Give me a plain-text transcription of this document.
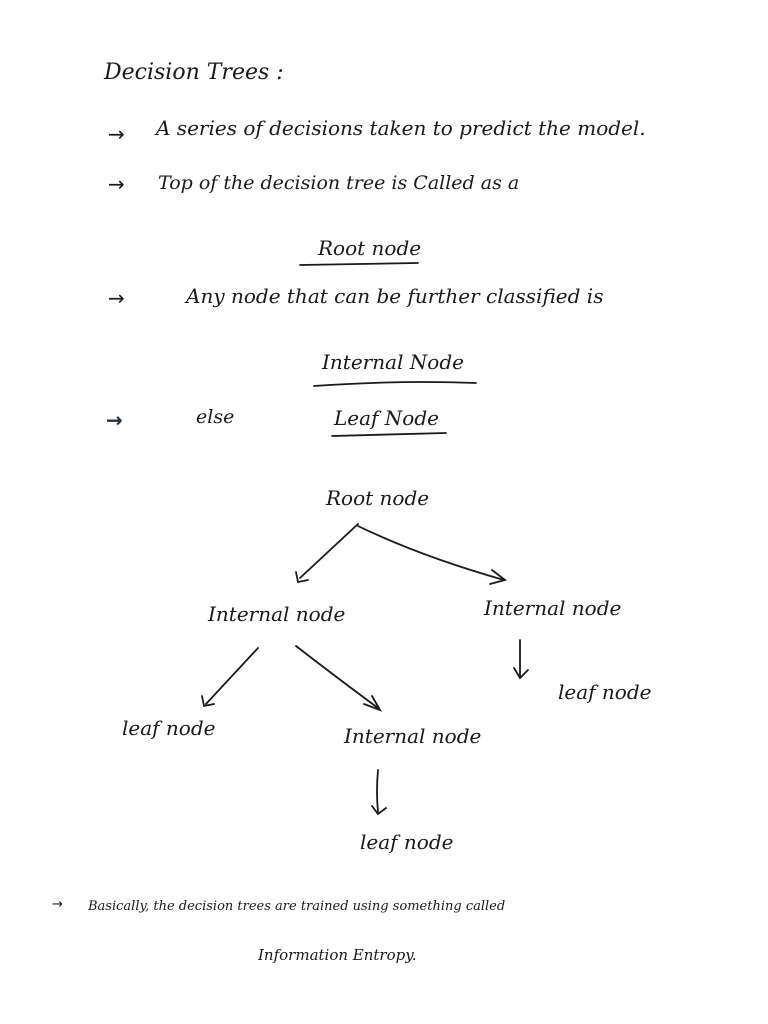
Decision Trees :
→ A series of decisions taken to predict the model.
→ Top of the decision tree is Called as a
Root node
→	Any node that can be further classified is
Internal Node
→	else	Leaf Node
Root node
Internal node	Internal node
leaf node
leaf node	Internal node
leaf node
→ Basically, the decision trees are trained using something called
Information Entropy.
